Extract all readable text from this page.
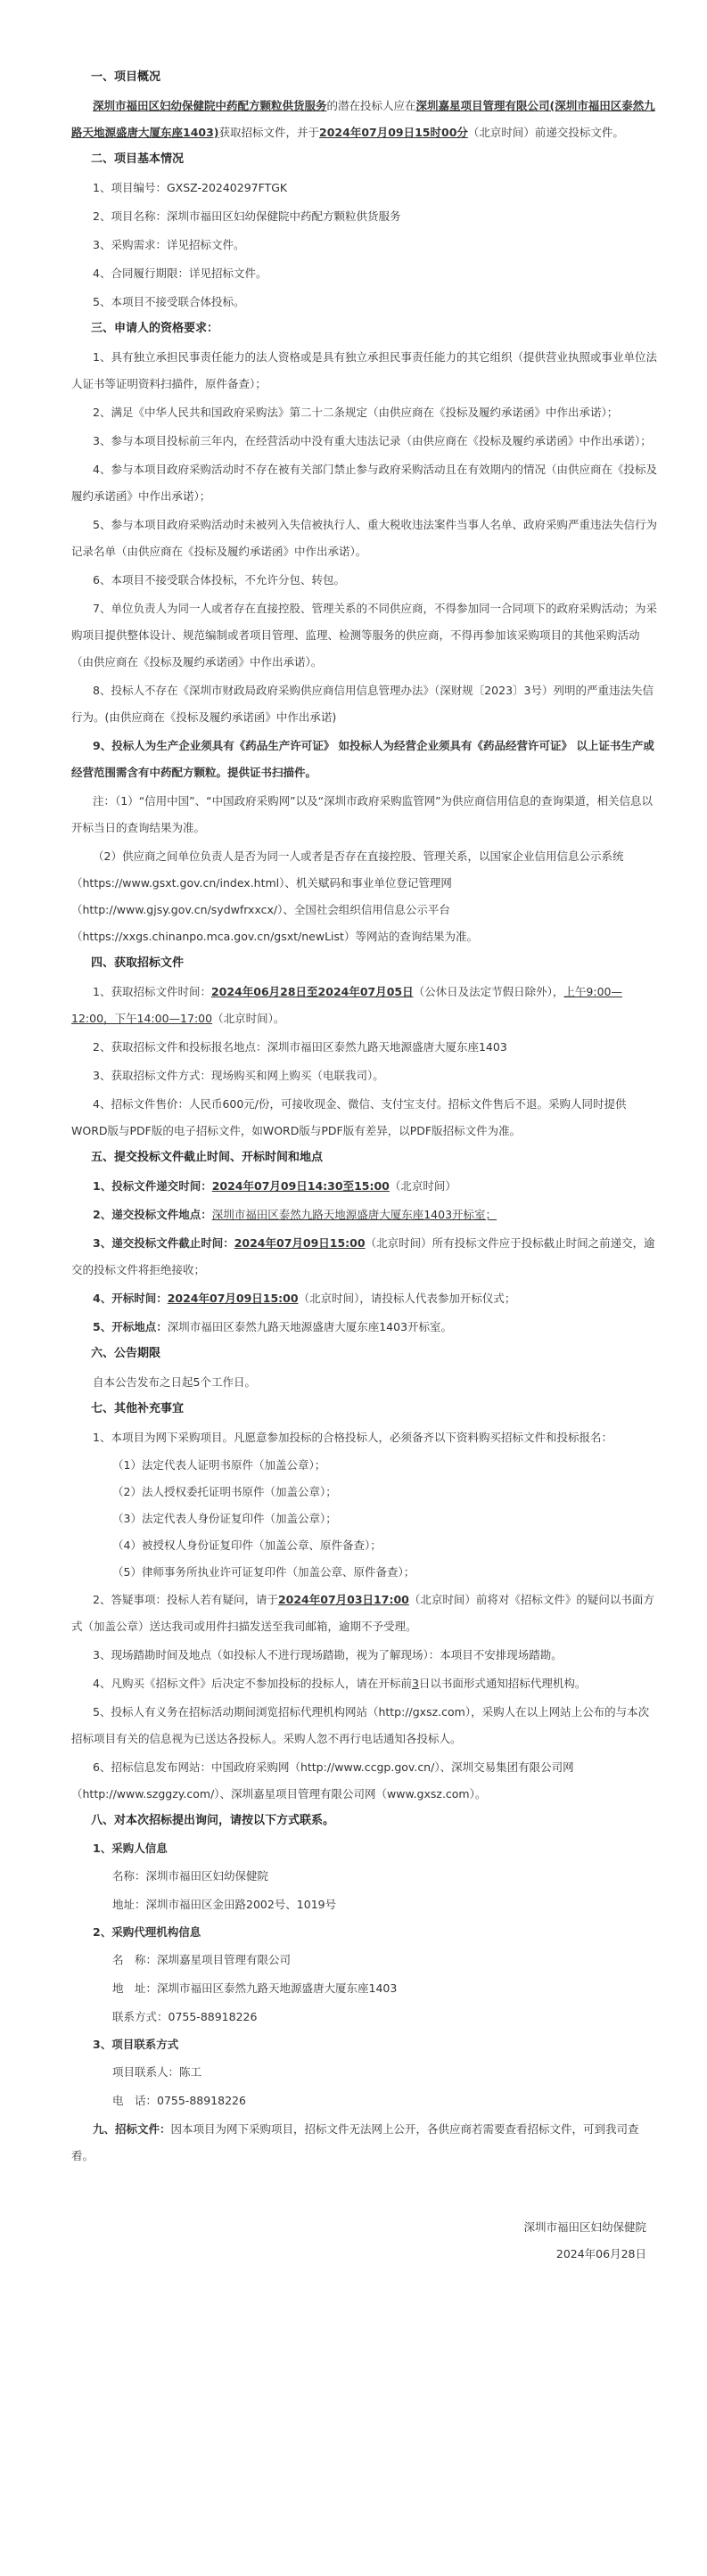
一、项目概况
深圳市福田区妇幼保健院中药配方颗粒供货服务的潜在投标人应在深圳嘉星项目管理有限公司(深圳市福田区泰然九路天地源盛唐大厦东座1403)获取招标文件，并于2024年07月09日15时00分（北京时间）前递交投标文件。
二、项目基本情况
1、项目编号：GXSZ-20240297FTGK
2、项目名称：深圳市福田区妇幼保健院中药配方颗粒供货服务
3、采购需求：详见招标文件。
4、合同履行期限：详见招标文件。
5、本项目不接受联合体投标。
三、申请人的资格要求：
1、具有独立承担民事责任能力的法人资格或是具有独立承担民事责任能力的其它组织（提供营业执照或事业单位法人证书等证明资料扫描件，原件备查）；
2、满足《中华人民共和国政府采购法》第二十二条规定（由供应商在《投标及履约承诺函》中作出承诺）；
3、参与本项目投标前三年内，在经营活动中没有重大违法记录（由供应商在《投标及履约承诺函》中作出承诺）；
4、参与本项目政府采购活动时不存在被有关部门禁止参与政府采购活动且在有效期内的情况（由供应商在《投标及履约承诺函》中作出承诺）；
5、参与本项目政府采购活动时未被列入失信被执行人、重大税收违法案件当事人名单、政府采购严重违法失信行为记录名单（由供应商在《投标及履约承诺函》中作出承诺）。
6、本项目不接受联合体投标，不允许分包、转包。
7、单位负责人为同一人或者存在直接控股、管理关系的不同供应商，不得参加同一合同项下的政府采购活动；为采购项目提供整体设计、规范编制或者项目管理、监理、检测等服务的供应商，不得再参加该采购项目的其他采购活动（由供应商在《投标及履约承诺函》中作出承诺）。
8、投标人不存在《深圳市财政局政府采购供应商信用信息管理办法》（深财规〔2023〕3号）列明的严重违法失信行为。(由供应商在《投标及履约承诺函》中作出承诺)
9、投标人为生产企业须具有《药品生产许可证》 如投标人为经营企业须具有《药品经营许可证》 以上证书生产或经营范围需含有中药配方颗粒。提供证书扫描件。
注：（1）“信用中国”、“中国政府采购网”以及“深圳市政府采购监管网”为供应商信用信息的查询渠道，相关信息以开标当日的查询结果为准。
（2）供应商之间单位负责人是否为同一人或者是否存在直接控股、管理关系，以国家企业信用信息公示系统（https://www.gsxt.gov.cn/index.html）、机关赋码和事业单位登记管理网（http://www.gjsy.gov.cn/sydwfrxxcx/）、全国社会组织信用信息公示平台（https://xxgs.chinanpo.mca.gov.cn/gsxt/newList）等网站的查询结果为准。
四、获取招标文件
1、获取招标文件时间：2024年06月28日至2024年07月05日（公休日及法定节假日除外），上午9:00—12:00，下午14:00—17:00（北京时间）。
2、获取招标文件和投标报名地点：深圳市福田区泰然九路天地源盛唐大厦东座1403
3、获取招标文件方式：现场购买和网上购买（电联我司）。
4、招标文件售价：人民币600元/份，可接收现金、微信、支付宝支付。招标文件售后不退。采购人同时提供WORD版与PDF版的电子招标文件，如WORD版与PDF版有差异，以PDF版招标文件为准。
五、提交投标文件截止时间、开标时间和地点
1、投标文件递交时间：2024年07月09日14:30至15:00（北京时间）
2、递交投标文件地点：深圳市福田区泰然九路天地源盛唐大厦东座1403开标室；
3、递交投标文件截止时间：2024年07月09日15:00（北京时间）所有投标文件应于投标截止时间之前递交，逾交的投标文件将拒绝接收；
4、开标时间：2024年07月09日15:00（北京时间），请投标人代表参加开标仪式；
5、开标地点：深圳市福田区泰然九路天地源盛唐大厦东座1403开标室。
六、公告期限
自本公告发布之日起5个工作日。
七、其他补充事宜
1、本项目为网下采购项目。凡愿意参加投标的合格投标人，必须备齐以下资料购买招标文件和投标报名：
（1）法定代表人证明书原件（加盖公章）；
（2）法人授权委托证明书原件（加盖公章）；
（3）法定代表人身份证复印件（加盖公章）；
（4）被授权人身份证复印件（加盖公章、原件备查）；
（5）律师事务所执业许可证复印件（加盖公章、原件备查）；
2、答疑事项：投标人若有疑问，请于2024年07月03日17:00（北京时间）前将对《招标文件》的疑问以书面方式（加盖公章）送达我司或用件扫描发送至我司邮箱，逾期不予受理。
3、现场踏勘时间及地点（如投标人不进行现场踏勘，视为了解现场）：本项目不安排现场踏勘。
4、凡购买《招标文件》后决定不参加投标的投标人，请在开标前3日以书面形式通知招标代理机构。
5、投标人有义务在招标活动期间浏览招标代理机构网站（http://gxsz.com），采购人在以上网站上公布的与本次招标项目有关的信息视为已送达各投标人。采购人忽不再行电话通知各投标人。
6、招标信息发布网站：中国政府采购网（http://www.ccgp.gov.cn/）、深圳交易集团有限公司网（http://www.szggzy.com/）、深圳嘉星项目管理有限公司网（www.gxsz.com）。
八、对本次招标提出询问，请按以下方式联系。
1、采购人信息
名称：深圳市福田区妇幼保健院
地址：深圳市福田区金田路2002号、1019号
2、采购代理机构信息
名　称：深圳嘉星项目管理有限公司
地　址：深圳市福田区泰然九路天地源盛唐大厦东座1403
联系方式：0755-88918226
3、项目联系方式
项目联系人：陈工
电　话：0755-88918226
九、招标文件：因本项目为网下采购项目，招标文件无法网上公开，各供应商若需要查看招标文件，可到我司查看。
深圳市福田区妇幼保健院
2024年06月28日
